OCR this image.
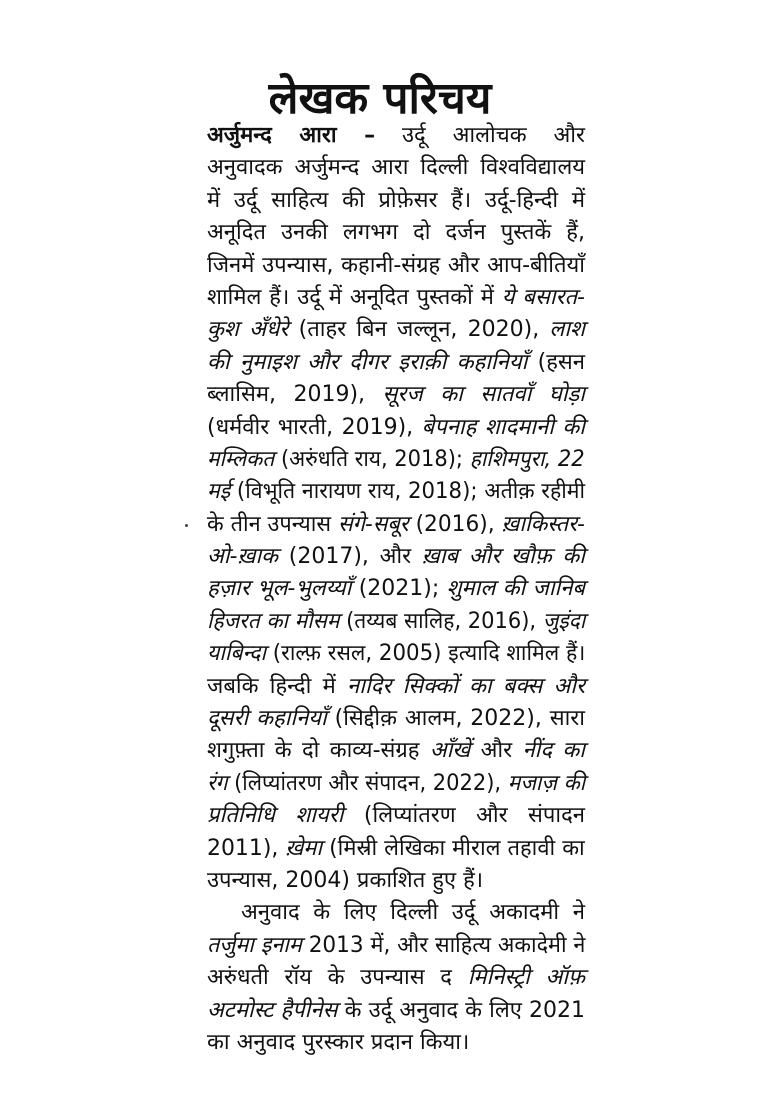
लेखक परिचय
अर्जुमन्द आरा – उर्दू आलोचक और
अनुवादक अर्जुमन्द आरा दिल्ली विश्वविद्यालय
में उर्दू साहित्य की प्रोफ़ेसर हैं। उर्दू-हिन्दी में
अनूदित उनकी लगभग दो दर्जन पुस्तकें हैं,
जिनमें उपन्यास, कहानी-संग्रह और आप-बीतियाँ
शामिल हैं। उर्दू में अनूदित पुस्तकों में ये बसारत-
कुश अँधेरे (ताहर बिन जल्लून, 2020), लाश
की नुमाइश और दीगर इराक़ी कहानियाँ (हसन
ब्लासिम, 2019), सूरज का सातवाँ घोड़ा
(धर्मवीर भारती, 2019), बेपनाह शादमानी की
मम्लिकत (अरुंधति राय, 2018); हाशिमपुरा, 22
मई (विभूति नारायण राय, 2018); अतीक़ रहीमी
के तीन उपन्यास संगे-सबूर (2016), ख़ाकिस्तर-
ओ-ख़ाक (2017), और ख़ाब और खौफ़ की
हज़ार भूल-भुलय्याँ (2021); शुमाल की जानिब
हिजरत का मौसम (तय्यब सालिह, 2016), जुइंदा
याबिन्दा (राल्फ़ रसल, 2005) इत्यादि शामिल हैं।
जबकि हिन्दी में नादिर सिक्कों का बक्स और
दूसरी कहानियाँ (सिद्दीक़ आलम, 2022), सारा
शगुफ़्ता के दो काव्य-संग्रह आँखें और नींद का
रंग (लिप्यांतरण और संपादन, 2022), मजाज़ की
प्रतिनिधि शायरी (लिप्यांतरण और संपादन
2011), ख़ेमा (मिस्री लेखिका मीराल तहावी का
उपन्यास, 2004) प्रकाशित हुए हैं।
अनुवाद के लिए दिल्ली उर्दू अकादमी ने
तर्जुमा इनाम 2013 में, और साहित्य अकादेमी ने
अरुंधती रॉय के उपन्यास द मिनिस्ट्री ऑफ़
अटमोस्ट हैपीनेस के उर्दू अनुवाद के लिए 2021
का अनुवाद पुरस्कार प्रदान किया।
